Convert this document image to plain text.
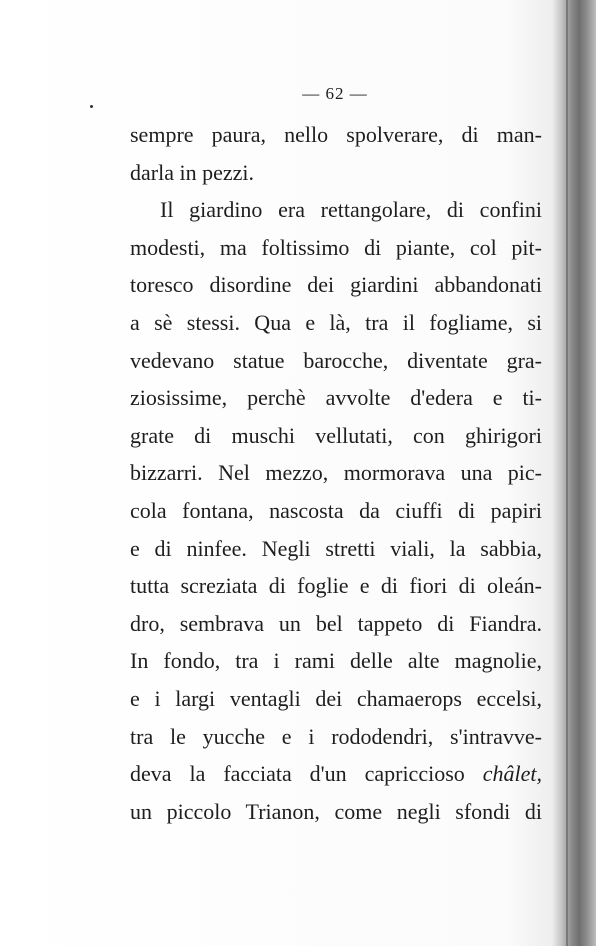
— 62 —
sempre paura, nello spolverare, di man-
darla in pezzi.
Il giardino era rettangolare, di confini
modesti, ma foltissimo di piante, col pit-
toresco disordine dei giardini abbandonati
a sè stessi. Qua e là, tra il fogliame, si
vedevano statue barocche, diventate gra-
ziosissime, perchè avvolte d'edera e ti-
grate di muschi vellutati, con ghirigori
bizzarri. Nel mezzo, mormorava una pic-
cola fontana, nascosta da ciuffi di papiri
e di ninfee. Negli stretti viali, la sabbia,
tutta screziata di foglie e di fiori di oleán-
dro, sembrava un bel tappeto di Fiandra.
In fondo, tra i rami delle alte magnolie,
e i largi ventagli dei chamaerops eccelsi,
tra le yucche e i rododendri, s'intravve-
deva la facciata d'un capriccioso châlet,
un piccolo Trianon, come negli sfondi di
